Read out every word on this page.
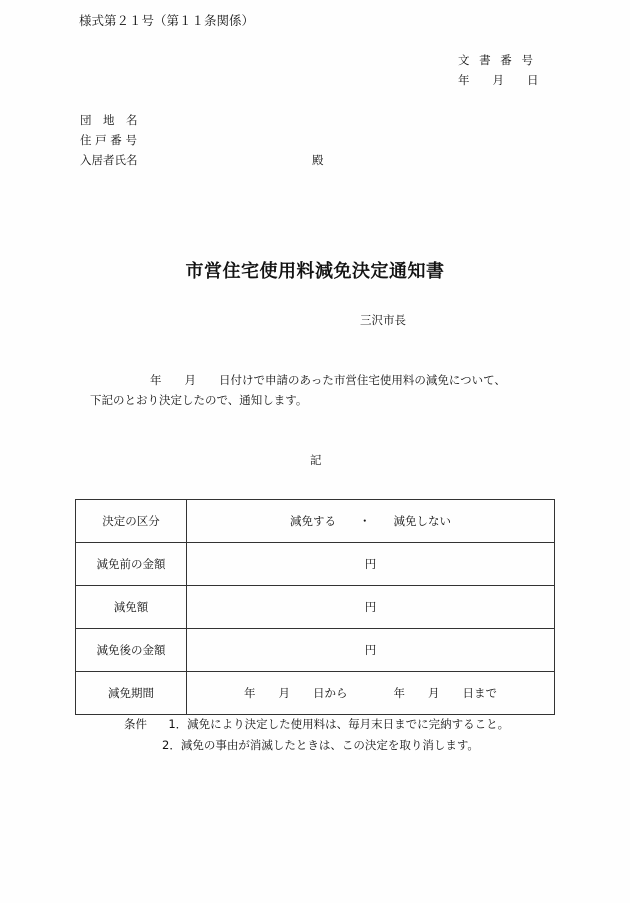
様式第２１号（第１１条関係）
文 書 番 号
年　　月　　日
団　地　名
住 戸 番 号
入居者氏名	殿
市営住宅使用料減免決定通知書
三沢市長
年　　月　　日付けで申請のあった市営住宅使用料の減免について、
下記のとおり決定したので、通知します。
記
決定の区分	減免する　　・　　減免しない
減免前の金額	円
減免額	円
減免後の金額	円
減免期間	年　　月　　日から　　　　年　　月　　日まで
条件 1．減免により決定した使用料は、毎月末日までに完納すること。
2．減免の事由が消滅したときは、この決定を取り消します。
